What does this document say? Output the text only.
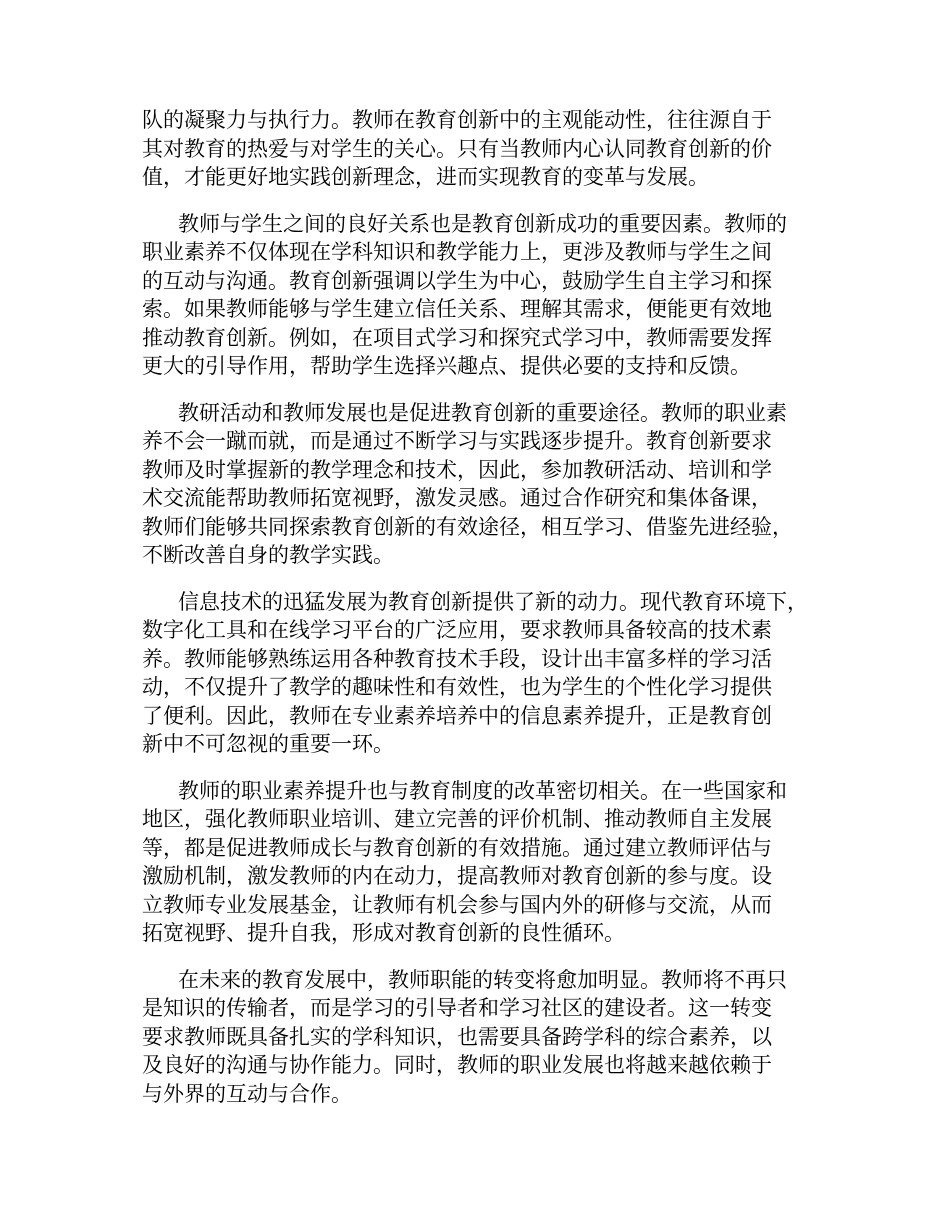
队的凝聚力与执行力。教师在教育创新中的主观能动性，往往源自于
其对教育的热爱与对学生的关心。只有当教师内心认同教育创新的价
值，才能更好地实践创新理念，进而实现教育的变革与发展。

教师与学生之间的良好关系也是教育创新成功的重要因素。教师的
职业素养不仅体现在学科知识和教学能力上，更涉及教师与学生之间
的互动与沟通。教育创新强调以学生为中心，鼓励学生自主学习和探
索。如果教师能够与学生建立信任关系、理解其需求，便能更有效地
推动教育创新。例如，在项目式学习和探究式学习中，教师需要发挥
更大的引导作用，帮助学生选择兴趣点、提供必要的支持和反馈。

教研活动和教师发展也是促进教育创新的重要途径。教师的职业素
养不会一蹴而就，而是通过不断学习与实践逐步提升。教育创新要求
教师及时掌握新的教学理念和技术，因此，参加教研活动、培训和学
术交流能帮助教师拓宽视野，激发灵感。通过合作研究和集体备课，
教师们能够共同探索教育创新的有效途径，相互学习、借鉴先进经验，
不断改善自身的教学实践。

信息技术的迅猛发展为教育创新提供了新的动力。现代教育环境下，
数字化工具和在线学习平台的广泛应用，要求教师具备较高的技术素
养。教师能够熟练运用各种教育技术手段，设计出丰富多样的学习活
动，不仅提升了教学的趣味性和有效性，也为学生的个性化学习提供
了便利。因此，教师在专业素养培养中的信息素养提升，正是教育创
新中不可忽视的重要一环。

教师的职业素养提升也与教育制度的改革密切相关。在一些国家和
地区，强化教师职业培训、建立完善的评价机制、推动教师自主发展
等，都是促进教师成长与教育创新的有效措施。通过建立教师评估与
激励机制，激发教师的内在动力，提高教师对教育创新的参与度。设
立教师专业发展基金，让教师有机会参与国内外的研修与交流，从而
拓宽视野、提升自我，形成对教育创新的良性循环。

在未来的教育发展中，教师职能的转变将愈加明显。教师将不再只
是知识的传输者，而是学习的引导者和学习社区的建设者。这一转变
要求教师既具备扎实的学科知识，也需要具备跨学科的综合素养，以
及良好的沟通与协作能力。同时，教师的职业发展也将越来越依赖于
与外界的互动与合作。
